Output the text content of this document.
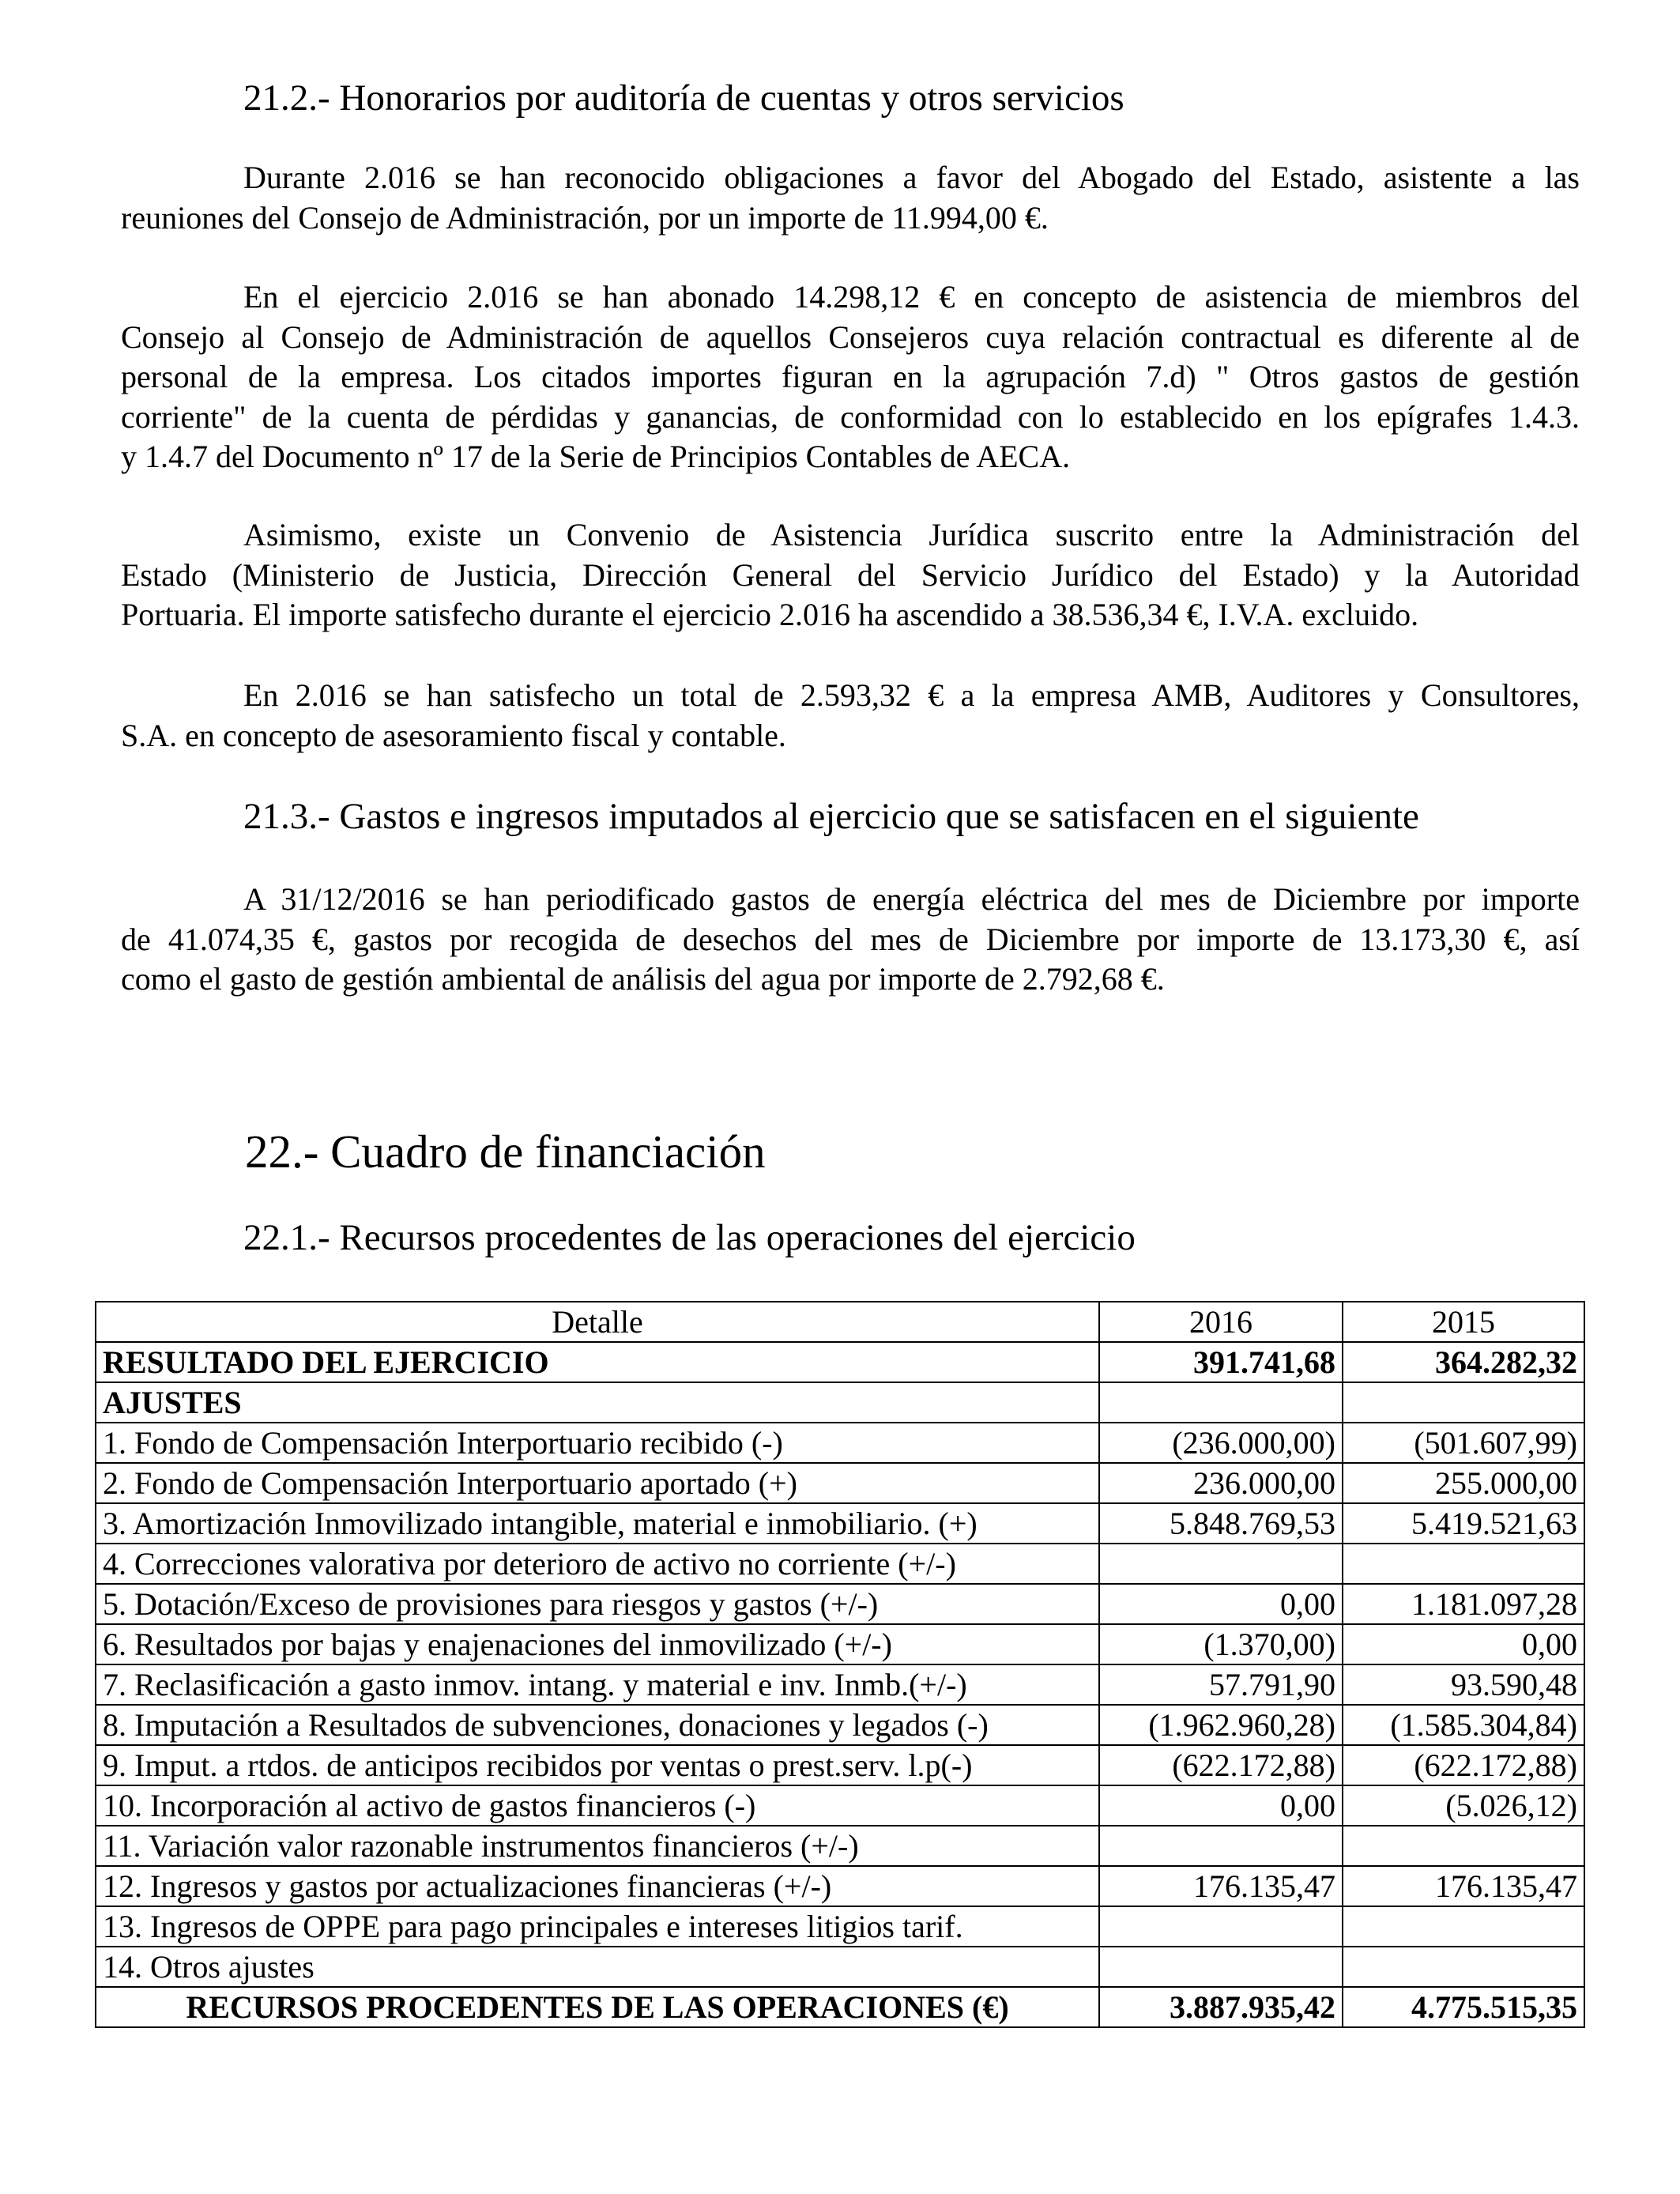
21.2.- Honorarios por auditoría de cuentas y otros servicios
Durante 2.016 se han reconocido obligaciones a favor del Abogado del Estado, asistente a las
reuniones del Consejo de Administración, por un importe de 11.994,00 €.
En el ejercicio 2.016 se han abonado 14.298,12 € en concepto de asistencia de miembros del
Consejo al Consejo de Administración de aquellos Consejeros cuya relación contractual es diferente al de
personal de la empresa. Los citados importes figuran en la agrupación 7.d) " Otros gastos de gestión
corriente" de la cuenta de pérdidas y ganancias, de conformidad con lo establecido en los epígrafes 1.4.3.
y 1.4.7 del Documento nº 17 de la Serie de Principios Contables de AECA.
Asimismo, existe un Convenio de Asistencia Jurídica suscrito entre la Administración del
Estado (Ministerio de Justicia, Dirección General del Servicio Jurídico del Estado) y la Autoridad
Portuaria. El importe satisfecho durante el ejercicio 2.016 ha ascendido a 38.536,34 €, I.V.A. excluido.
En 2.016 se han satisfecho un total de 2.593,32 € a la empresa AMB, Auditores y Consultores,
S.A. en concepto de asesoramiento fiscal y contable.
21.3.- Gastos e ingresos imputados al ejercicio que se satisfacen en el siguiente
A 31/12/2016 se han periodificado gastos de energía eléctrica del mes de Diciembre por importe
de 41.074,35 €, gastos por recogida de desechos del mes de Diciembre por importe de 13.173,30 €, así
como el gasto de gestión ambiental de análisis del agua por importe de 2.792,68 €.
22.- Cuadro de financiación
22.1.- Recursos procedentes de las operaciones del ejercicio
Detalle	2016	2015
RESULTADO DEL EJERCICIO	391.741,68	364.282,32
AJUSTES		
1. Fondo de Compensación Interportuario recibido (-)	(236.000,00)	(501.607,99)
2. Fondo de Compensación Interportuario aportado (+)	236.000,00	255.000,00
3. Amortización Inmovilizado intangible, material e inmobiliario. (+)	5.848.769,53	5.419.521,63
4. Correcciones valorativa por deterioro de activo no corriente (+/-)		
5. Dotación/Exceso de provisiones para riesgos y gastos (+/-)	0,00	1.181.097,28
6. Resultados por bajas y enajenaciones del inmovilizado (+/-)	(1.370,00)	0,00
7. Reclasificación a gasto inmov. intang. y material e inv. Inmb.(+/-)	57.791,90	93.590,48
8. Imputación a Resultados de subvenciones, donaciones y legados (-)	(1.962.960,28)	(1.585.304,84)
9. Imput. a rtdos. de anticipos recibidos por ventas o prest.serv. l.p(-)	(622.172,88)	(622.172,88)
10. Incorporación al activo de gastos financieros (-)	0,00	(5.026,12)
11. Variación valor razonable instrumentos financieros (+/-)		
12. Ingresos y gastos por actualizaciones financieras (+/-)	176.135,47	176.135,47
13. Ingresos de OPPE para pago principales e intereses litigios tarif.		
14. Otros ajustes		
RECURSOS PROCEDENTES DE LAS OPERACIONES (€)	3.887.935,42	4.775.515,35
